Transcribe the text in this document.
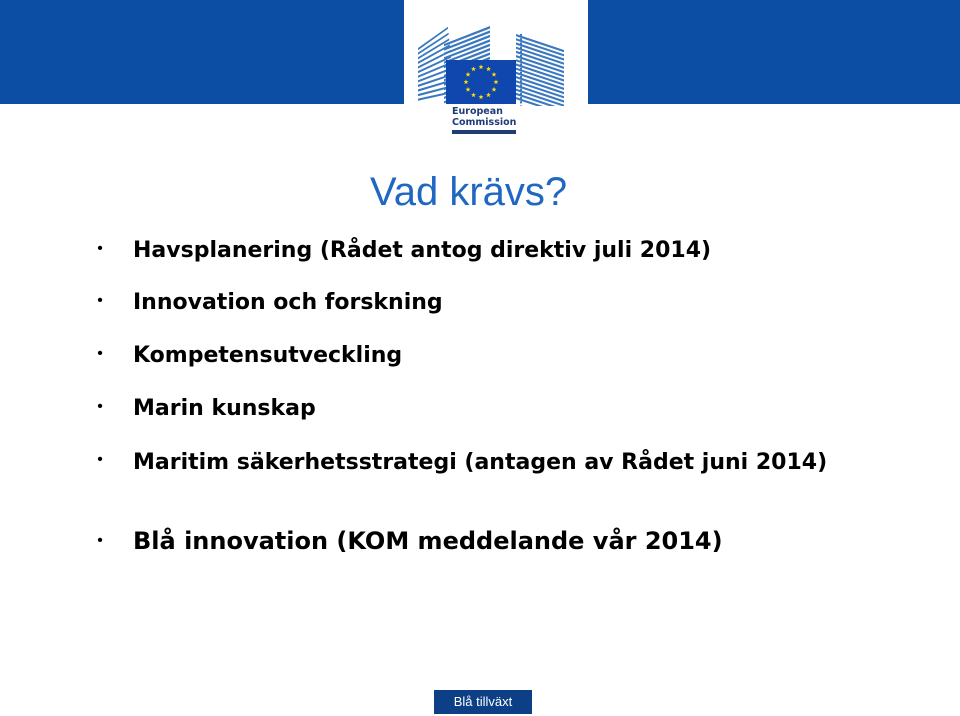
European
Commission
Vad krävs?
• Havsplanering (Rådet antog direktiv juli 2014)
• Innovation och forskning
• Kompetensutveckling
• Marin kunskap
• Maritim säkerhetsstrategi (antagen av Rådet juni 2014)
• Blå innovation (KOM meddelande vår 2014)
Blå tillväxt
